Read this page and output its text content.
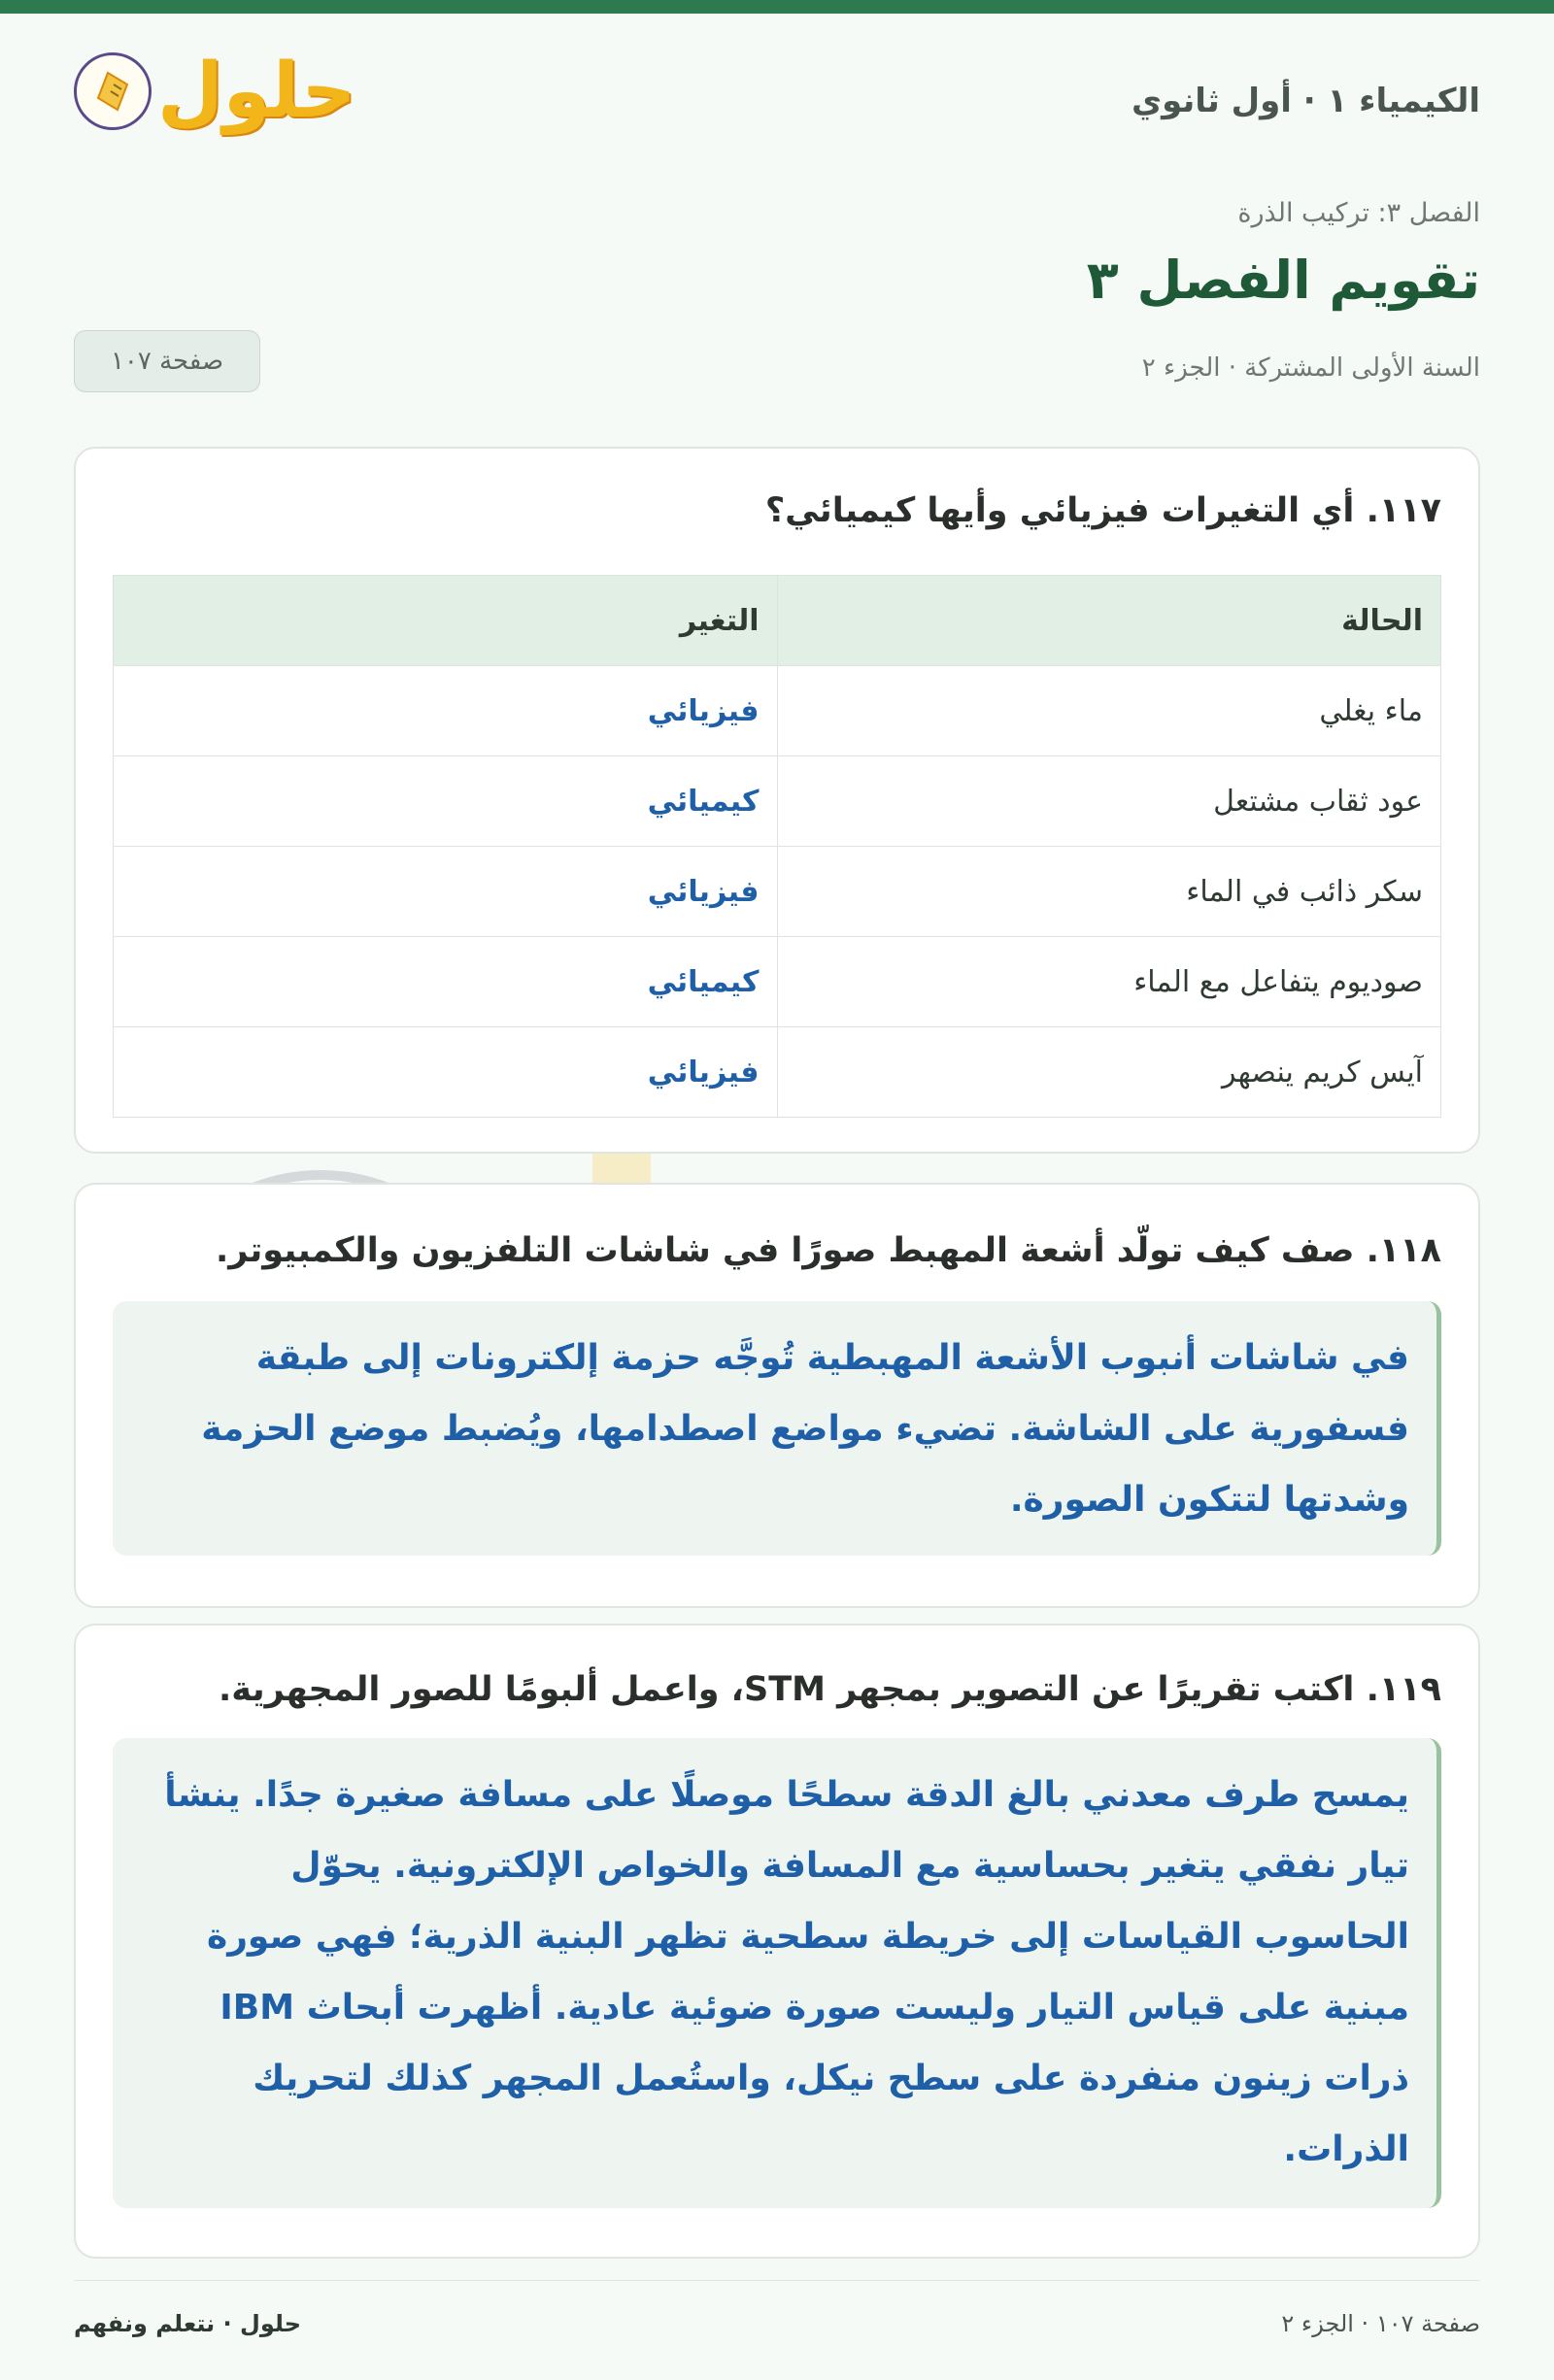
الكيمياء ١ · أول ثانوي
حلول
الفصل ٣: تركيب الذرة
تقويم الفصل ٣
السنة الأولى المشتركة · الجزء ٢
صفحة ١٠٧
١١٧. أي التغيرات فيزيائي وأيها كيميائي؟
الحالة	التغير
ماء يغلي	فيزيائي
عود ثقاب مشتعل	كيميائي
سكر ذائب في الماء	فيزيائي
صوديوم يتفاعل مع الماء	كيميائي
آيس كريم ينصهر	فيزيائي
١١٨. صف كيف تولّد أشعة المهبط صورًا في شاشات التلفزيون والكمبيوتر.
في شاشات أنبوب الأشعة المهبطية تُوجَّه حزمة إلكترونات إلى طبقة فسفورية على الشاشة. تضيء مواضع اصطدامها، ويُضبط موضع الحزمة وشدتها لتتكون الصورة.
١١٩. اكتب تقريرًا عن التصوير بمجهر STM، واعمل ألبومًا للصور المجهرية.
يمسح طرف معدني بالغ الدقة سطحًا موصلًا على مسافة صغيرة جدًا. ينشأ تيار نفقي يتغير بحساسية مع المسافة والخواص الإلكترونية. يحوّل الحاسوب القياسات إلى خريطة سطحية تظهر البنية الذرية؛ فهي صورة مبنية على قياس التيار وليست صورة ضوئية عادية. أظهرت أبحاث IBM ذرات زينون منفردة على سطح نيكل، واستُعمل المجهر كذلك لتحريك الذرات.
صفحة ١٠٧ · الجزء ٢
حلول · نتعلم ونفهم
